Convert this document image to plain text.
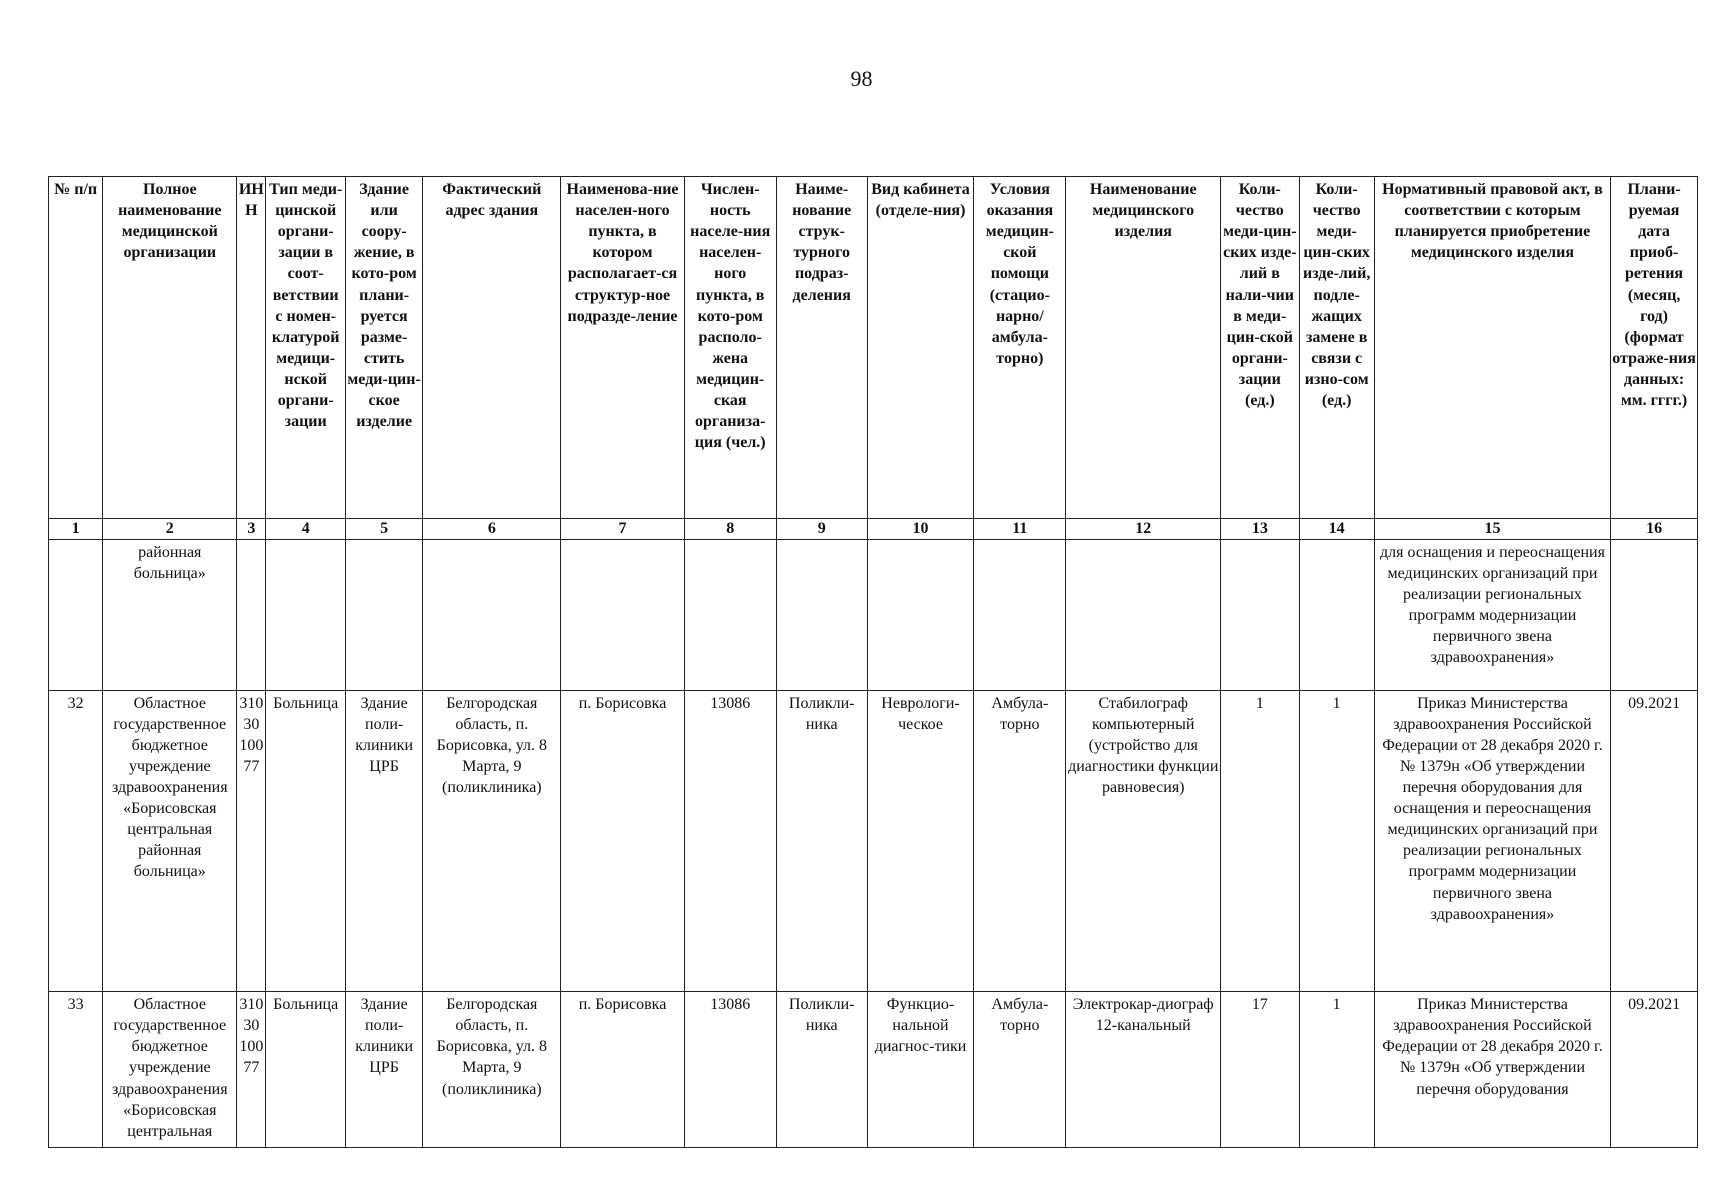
98
№ п/п	Полное наименование медицинской организации	ИНН	Тип меди-цинской органи-зации в соот-ветствии с номен-клатурой медици-нской органи-зации	Здание или соору-жение, в кото-ром плани-руется разме-стить меди-цин-ское изделие	Фактический адрес здания	Наименова-ние населен-ного пункта, в котором располагает-ся структур-ное подразде-ление	Числен-ность населе-ния населен-ного пункта, в кото-ром располо-жена медицин-ская организа-ция (чел.)	Наиме-нование струк-турного подраз-деления	Вид кабинета (отделе-ния)	Условия оказания медицин-ской помощи (стацио-нарно/ амбула-торно)	Наименование медицинского изделия	Коли-чество меди-цин-ских изде-лий в нали-чии в меди-цин-ской органи-зации (ед.)	Коли-чество меди-цин-ских изде-лий, подле-жащих замене в связи с изно-сом (ед.)	Нормативный правовой акт, в соответствии с которым планируется приобретение медицинского изделия	Плани-руемая дата приоб-ретения (месяц, год) (формат отраже-ния данных: мм. гггг.)
1	2	3	4	5	6	7	8	9	10	11	12	13	14	15	16
	районная больница»													для оснащения и переоснащения медицинских организаций при реализации региональных программ модернизации первичного звена здравоохранения»	
32	Областное государственное бюджетное учреждение здравоохранения «Борисовская центральная районная больница»	31030 10077	Больница	Здание поли-клиники ЦРБ	Белгородская область, п. Борисовка, ул. 8 Марта, 9 (поликлиника)	п. Борисовка	13086	Поликли-ника	Неврологи-ческое	Амбула-торно	Стабилограф компьютерный (устройство для диагностики функции равновесия)	1	1	Приказ Министерства здравоохранения Российской Федерации от 28 декабря 2020 г. № 1379н «Об утверждении перечня оборудования для оснащения и переоснащения медицинских организаций при реализации региональных программ модернизации первичного звена здравоохранения»	09.2021
33	Областное государственное бюджетное учреждение здравоохранения «Борисовская центральная	31030 10077	Больница	Здание поли-клиники ЦРБ	Белгородская область, п. Борисовка, ул. 8 Марта, 9 (поликлиника)	п. Борисовка	13086	Поликли-ника	Функцио-нальной диагнос-тики	Амбула-торно	Электрокар-диограф 12-канальный	17	1	Приказ Министерства здравоохранения Российской Федерации от 28 декабря 2020 г. № 1379н «Об утверждении перечня оборудования	09.2021
